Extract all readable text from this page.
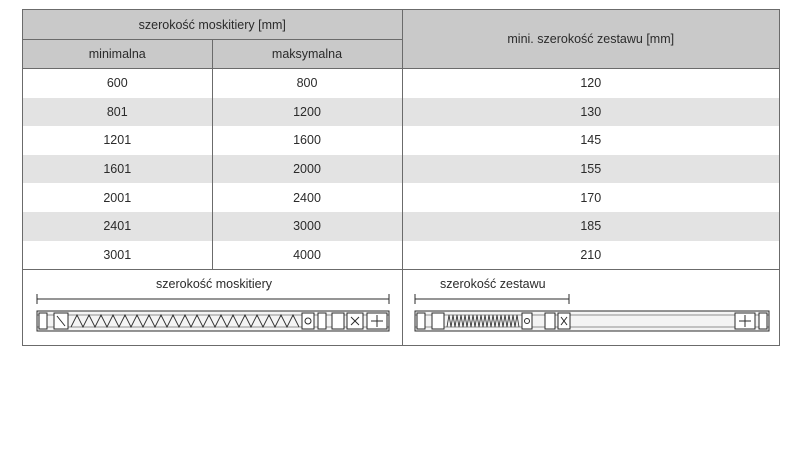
szerokość moskitiery [mm]		mini. szerokość zestawu [mm]
minimalna	maksymalna	
600	800	120
801	1200	130
1201	1600	145
1601	2000	155
2001	2400	170
2401	3000	185
3001	4000	210
szerokość moskitiery	szerokość zestawu
